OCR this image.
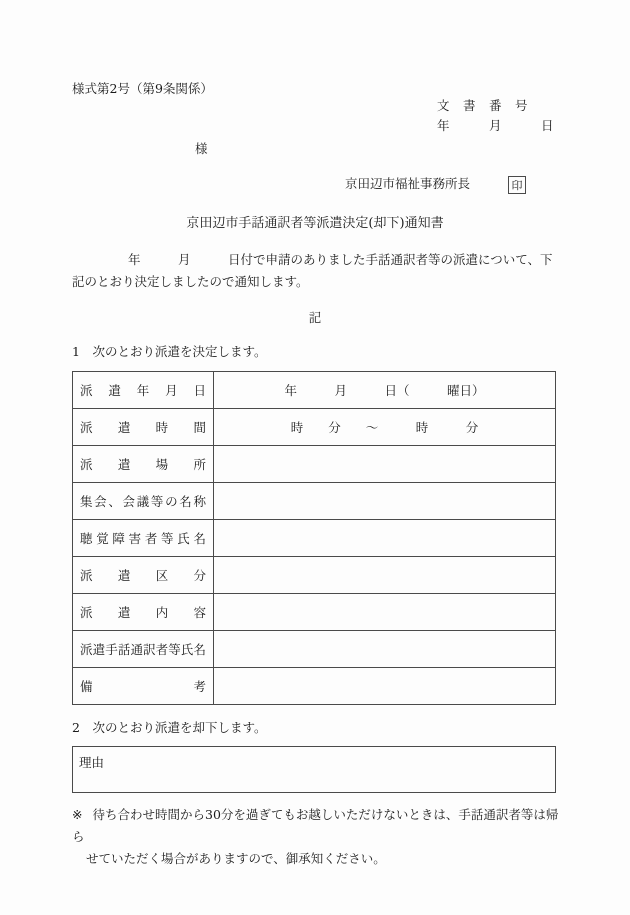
様式第2号（第9条関係）
文　書　番　号
年　　　月　　　日
様
京田辺市福祉事務所長	印
京田辺市手話通訳者等派遣決定(却下)通知書
年　　　月　　　日付で申請のありました手話通訳者等の派遣について、下記のとおり決定しましたので通知します。
記
1　次のとおり派遣を決定します。
派遣年月日	年　　　月　　　日（　　　曜日）
派遣時間	時　　分　　〜　　　時　　　分
派遣場所	
集会、会議等の名称	
聴覚障害者等氏名	
派遣区分	
派遣内容	
派遣手話通訳者等氏名	
備考	
2　次のとおり派遣を却下します。
理由
※ 待ち合わせ時間から30分を過ぎてもお越しいただけないときは、手話通訳者等は帰ら
せていただく場合がありますので、御承知ください。
